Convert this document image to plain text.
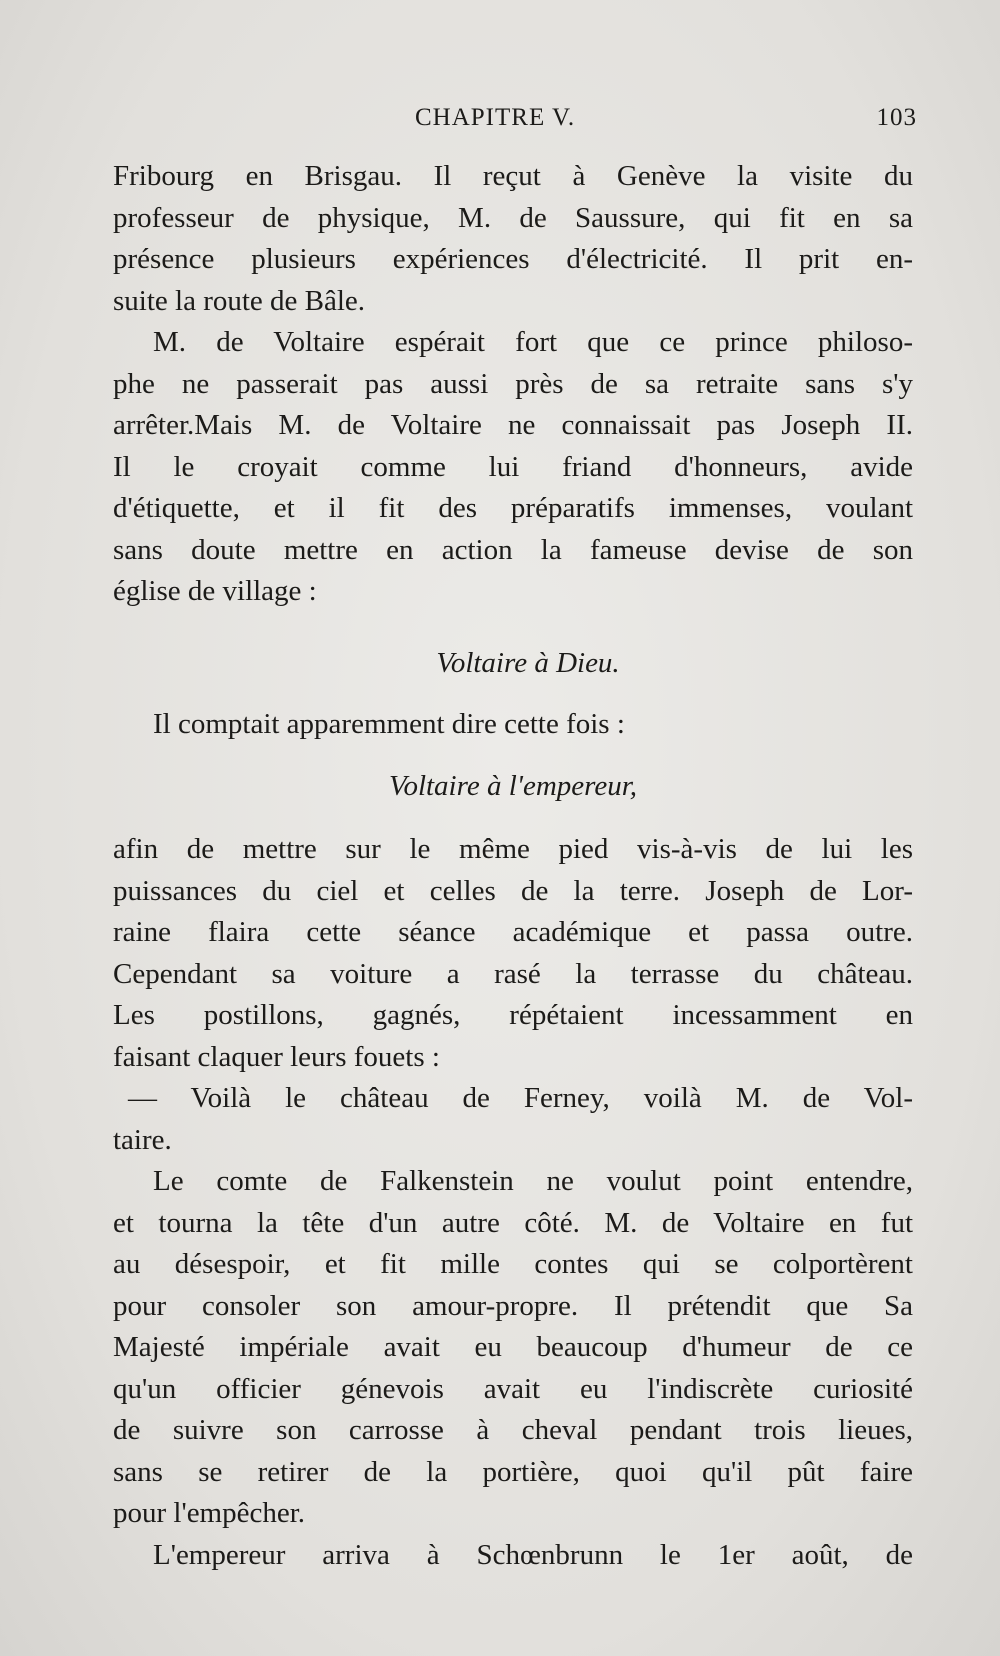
CHAPITRE V.	103
Fribourg en Brisgau. Il reçut à Genève la visite du
professeur de physique, M. de Saussure, qui fit en sa
présence plusieurs expériences d'électricité. Il prit en-
suite la route de Bâle.
M. de Voltaire espérait fort que ce prince philoso-
phe ne passerait pas aussi près de sa retraite sans s'y
arrêter.Mais M. de Voltaire ne connaissait pas Joseph II.
Il le croyait comme lui friand d'honneurs, avide
d'étiquette, et il fit des préparatifs immenses, voulant
sans doute mettre en action la fameuse devise de son
église de village :
Voltaire à Dieu.
Il comptait apparemment dire cette fois :
Voltaire à l'empereur,
afin de mettre sur le même pied vis-à-vis de lui les
puissances du ciel et celles de la terre. Joseph de Lor-
raine flaira cette séance académique et passa outre.
Cependant sa voiture a rasé la terrasse du château.
Les postillons, gagnés, répétaient incessamment en
faisant claquer leurs fouets :
— Voilà le château de Ferney, voilà M. de Vol-
taire.
Le comte de Falkenstein ne voulut point entendre,
et tourna la tête d'un autre côté. M. de Voltaire en fut
au désespoir, et fit mille contes qui se colportèrent
pour consoler son amour-propre. Il prétendit que Sa
Majesté impériale avait eu beaucoup d'humeur de ce
qu'un officier génevois avait eu l'indiscrète curiosité
de suivre son carrosse à cheval pendant trois lieues,
sans se retirer de la portière, quoi qu'il pût faire
pour l'empêcher.
L'empereur arriva à Schœnbrunn le 1er août, de
